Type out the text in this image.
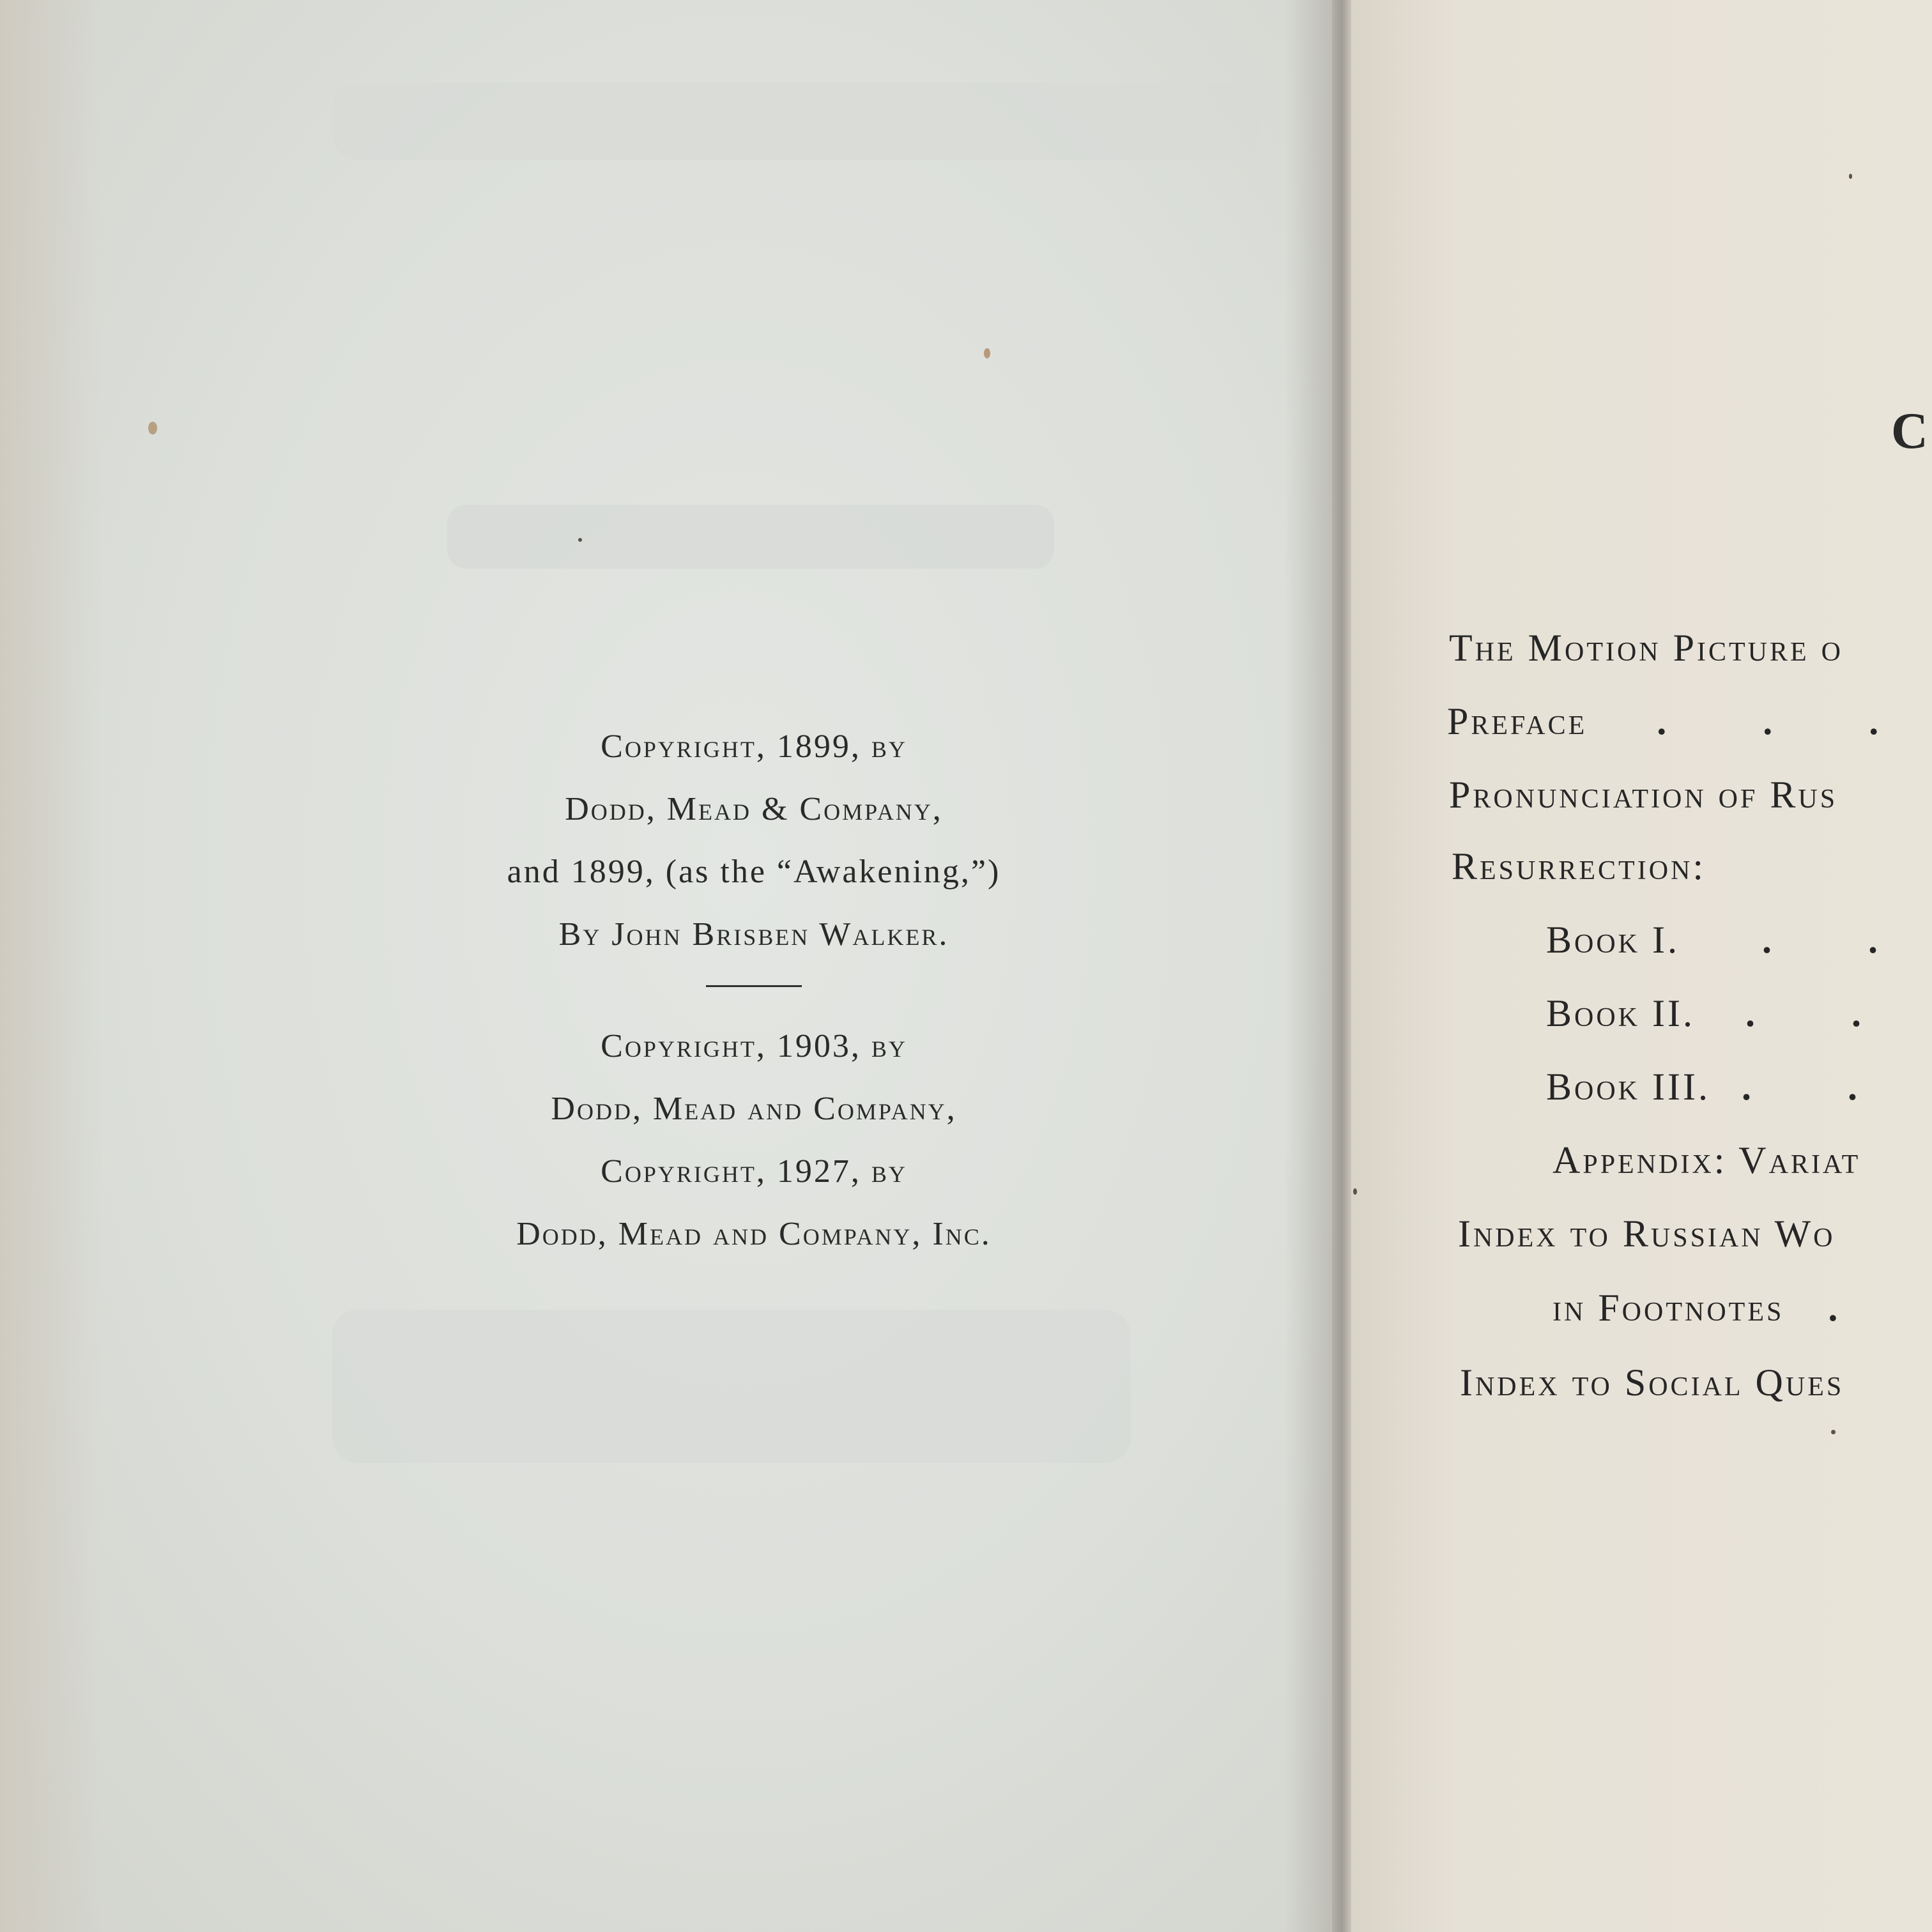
Copyright, 1899, by
Dodd, Mead & Company,
and 1899, (as the “Awakening,”)
By John Brisben Walker.
Copyright, 1903, by
Dodd, Mead and Company,
Copyright, 1927, by
Dodd, Mead and Company, Inc.
C
The Motion Picture o
Preface . . .
Pronunciation of Rus
Resurrection:
Book I. . .
Book II. . .
Book III. . .
Appendix: Variat
Index to Russian Wo
in Footnotes .
Index to Social Ques
